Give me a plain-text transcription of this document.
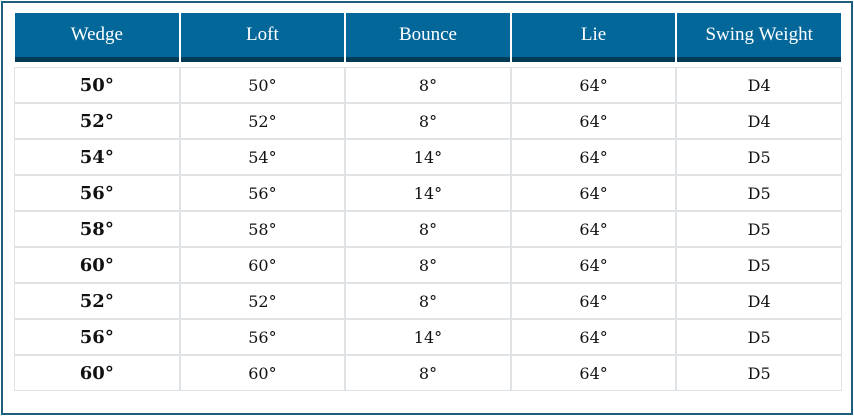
Wedge	Loft	Bounce	Lie	Swing Weight

50°	50°	8°	64°	D4
52°	52°	8°	64°	D4
54°	54°	14°	64°	D5
56°	56°	14°	64°	D5
58°	58°	8°	64°	D5
60°	60°	8°	64°	D5
52°	52°	8°	64°	D4
56°	56°	14°	64°	D5
60°	60°	8°	64°	D5
